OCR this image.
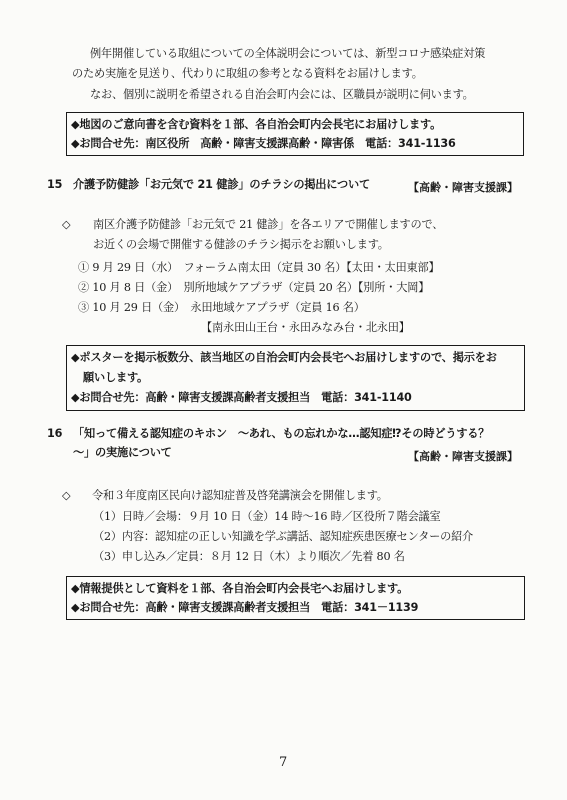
例年開催している取組についての全体説明会については、新型コロナ感染症対策
のため実施を見送り、代わりに取組の参考となる資料をお届けします。
なお、個別に説明を希望される自治会町内会には、区職員が説明に伺います。
◆地図のご意向書を含む資料を１部、各自治会町内会長宅にお届けします。
◆お問合せ先：南区役所　高齢・障害支援課高齢・障害係　電話：341-1136
15 介護予防健診「お元気で 21 健診」のチラシの掲出について	【高齢・障害支援課】
◇ 南区介護予防健診「お元気で 21 健診」を各エリアで開催しますので、
お近くの会場で開催する健診のチラシ掲示をお願いします。
① 9 月 29 日（水）　フォーラム南太田（定員 30 名）【太田・太田東部】
② 10 月 8 日（金）　別所地域ケアプラザ（定員 20 名）【別所・大岡】
③ 10 月 29 日（金）　永田地域ケアプラザ（定員 16 名）
【南永田山王台・永田みなみ台・北永田】
◆ポスターを掲示板数分、該当地区の自治会町内会長宅へお届けしますので、掲示をお
願いします。
◆お問合せ先：高齢・障害支援課高齢者支援担当　電話：341-1140
16 「知って備える認知症のキホン　～あれ、もの忘れかな…認知症⁉その時どうする？
～」の実施について	【高齢・障害支援課】
◇ 令和３年度南区民向け認知症普及啓発講演会を開催します。
（1）日時／会場：９月 10 日（金）14 時～16 時／区役所７階会議室
（2）内容：認知症の正しい知識を学ぶ講話、認知症疾患医療センターの紹介
（3）申し込み／定員：８月 12 日（木）より順次／先着 80 名
◆情報提供として資料を１部、各自治会町内会長宅へお届けします。
◆お問合せ先：高齢・障害支援課高齢者支援担当　電話：341－1139
7
